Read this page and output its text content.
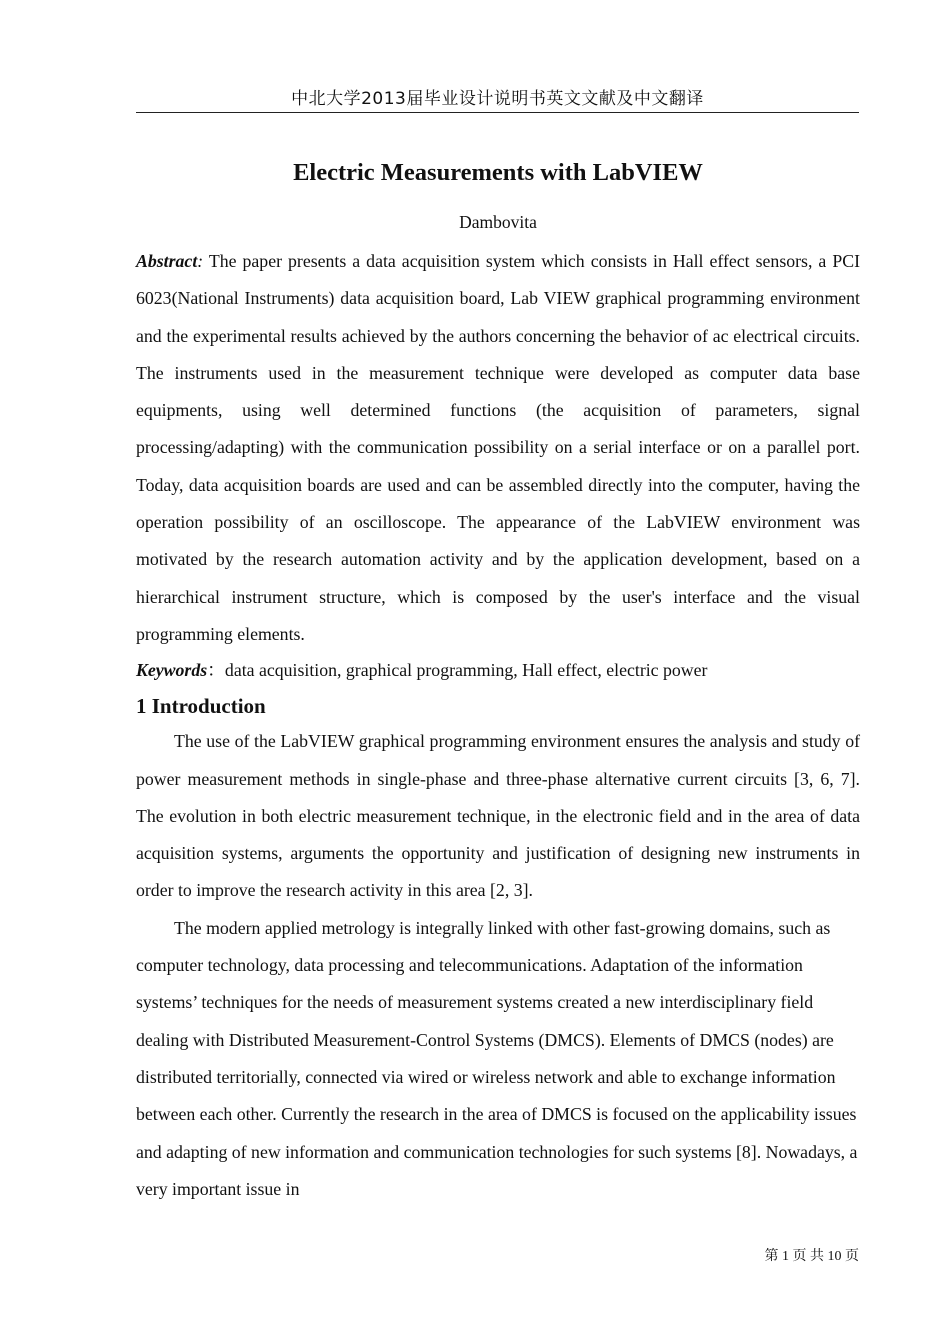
中北大学2013届毕业设计说明书英文文献及中文翻译
Electric Measurements with LabVIEW
Dambovita

Abstract: The paper presents a data acquisition system which consists in Hall effect sensors, a PCI 6023(National Instruments) data acquisition board, Lab VIEW graphical programming environment and the experimental results achieved by the authors concerning the behavior of ac electrical circuits. The instruments used in the measurement technique were developed as computer data base equipments, using well determined functions (the acquisition of parameters, signal processing/adapting) with the communication possibility on a serial interface or on a parallel port. Today, data acquisition boards are used and can be assembled directly into the computer, having the operation possibility of an oscilloscope. The appearance of the LabVIEW environment was motivated by the research automation activity and by the application development, based on a hierarchical instrument structure, which is composed by the user's interface and the visual programming elements.

Keywords：data acquisition, graphical programming, Hall effect, electric power
1 Introduction

The use of the LabVIEW graphical programming environment ensures the analysis and study of power measurement methods in single-phase and three-phase alternative current circuits [3, 6, 7]. The evolution in both electric measurement technique, in the electronic field and in the area of data acquisition systems, arguments the opportunity and justification of designing new instruments in order to improve the research activity in this area [2, 3].

The modern applied metrology is integrally linked with other fast-growing domains, such as computer technology, data processing and telecommunications. Adaptation of the information systems’ techniques for the needs of measurement systems created a new interdisciplinary field dealing with Distributed Measurement-Control Systems (DMCS). Elements of DMCS (nodes) are distributed territorially, connected via wired or wireless network and able to exchange information between each other. Currently the research in the area of DMCS is focused on the applicability issues and adapting of new information and communication technologies for such systems [8]. Nowadays, a very important issue in

第 1 页 共 10 页
